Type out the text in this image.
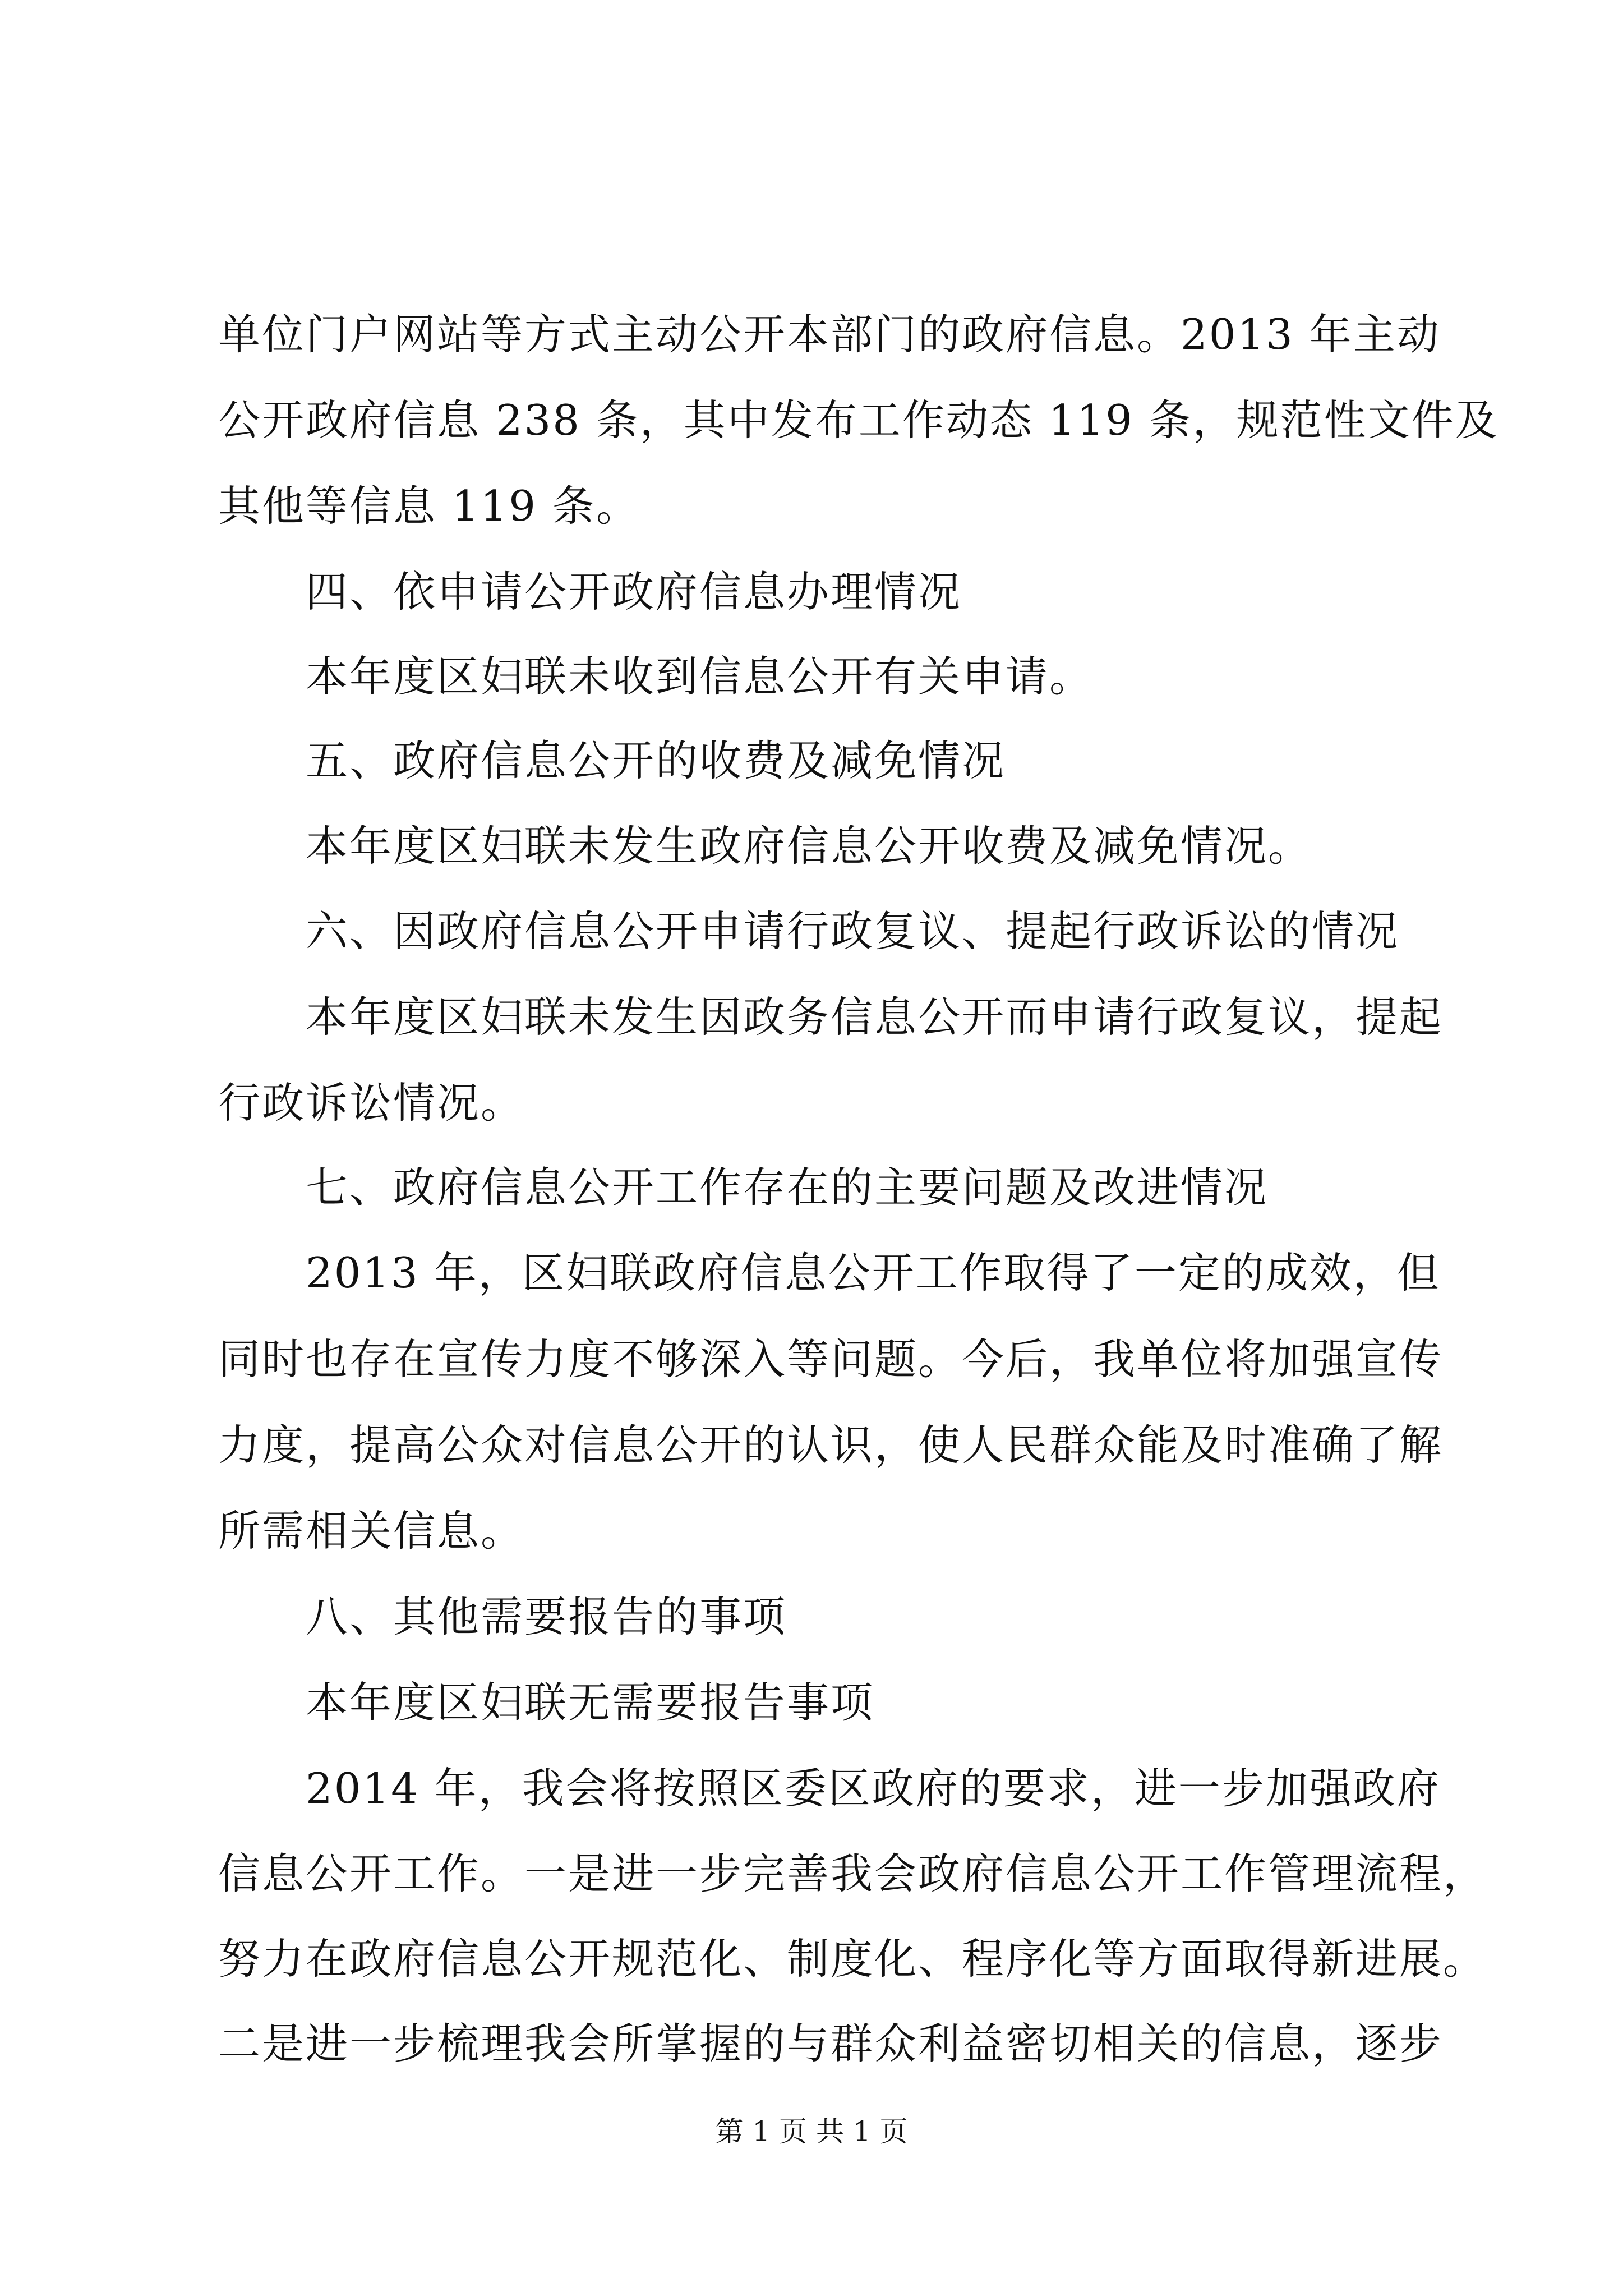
单位门户网站等方式主动公开本部门的政府信息。2013 年主动
公开政府信息 238 条，其中发布工作动态 119 条，规范性文件及
其他等信息 119 条。
四、依申请公开政府信息办理情况
本年度区妇联未收到信息公开有关申请。
五、政府信息公开的收费及减免情况
本年度区妇联未发生政府信息公开收费及减免情况。
六、因政府信息公开申请行政复议、提起行政诉讼的情况
本年度区妇联未发生因政务信息公开而申请行政复议，提起
行政诉讼情况。
七、政府信息公开工作存在的主要问题及改进情况
2013 年，区妇联政府信息公开工作取得了一定的成效，但
同时也存在宣传力度不够深入等问题。今后，我单位将加强宣传
力度，提高公众对信息公开的认识，使人民群众能及时准确了解
所需相关信息。
八、其他需要报告的事项
本年度区妇联无需要报告事项
2014 年，我会将按照区委区政府的要求，进一步加强政府
信息公开工作。一是进一步完善我会政府信息公开工作管理流程，
努力在政府信息公开规范化、制度化、程序化等方面取得新进展。
二是进一步梳理我会所掌握的与群众利益密切相关的信息，逐步
第 1 页 共 1 页
